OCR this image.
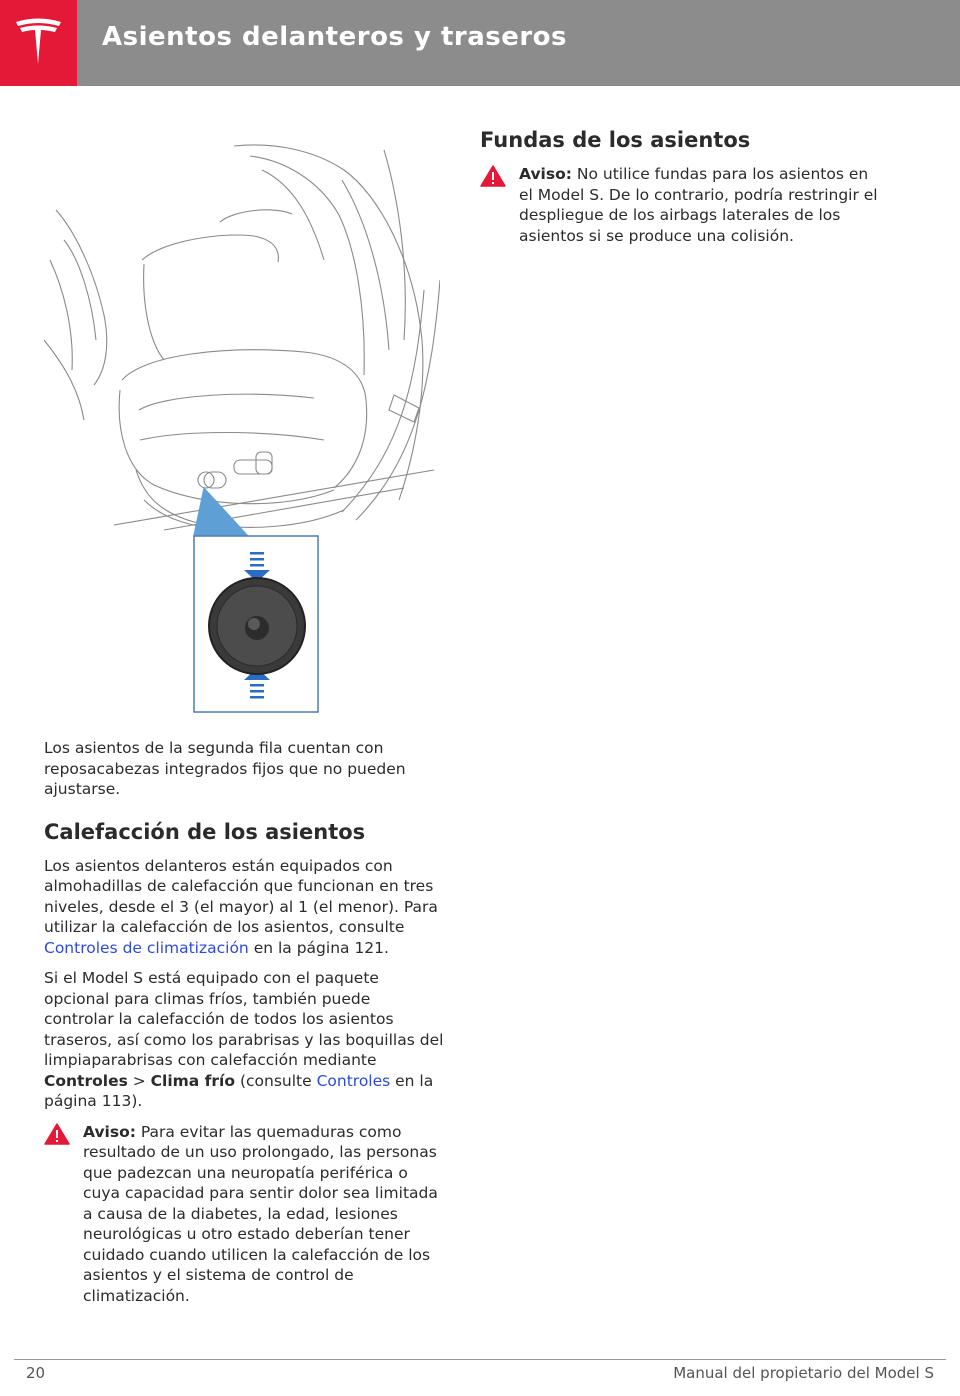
Asientos delanteros y traseros

Los asientos de la segunda fila cuentan con reposacabezas integrados fijos que no pueden ajustarse.

Calefacción de los asientos

Los asientos delanteros están equipados con almohadillas de calefacción que funcionan en tres niveles, desde el 3 (el mayor) al 1 (el menor). Para utilizar la calefacción de los asientos, consulte Controles de climatización en la página 121.

Si el Model S está equipado con el paquete opcional para climas fríos, también puede controlar la calefacción de todos los asientos traseros, así como los parabrisas y las boquillas del limpiaparabrisas con calefacción mediante Controles > Clima frío (consulte Controles en la página 113).

Aviso: Para evitar las quemaduras como resultado de un uso prolongado, las personas que padezcan una neuropatía periférica o cuya capacidad para sentir dolor sea limitada a causa de la diabetes, la edad, lesiones neurológicas u otro estado deberían tener cuidado cuando utilicen la calefacción de los asientos y el sistema de control de climatización.
Fundas de los asientos
Aviso: No utilice fundas para los asientos en el Model S. De lo contrario, podría restringir el despliegue de los airbags laterales de los asientos si se produce una colisión.
20	Manual del propietario del Model S
